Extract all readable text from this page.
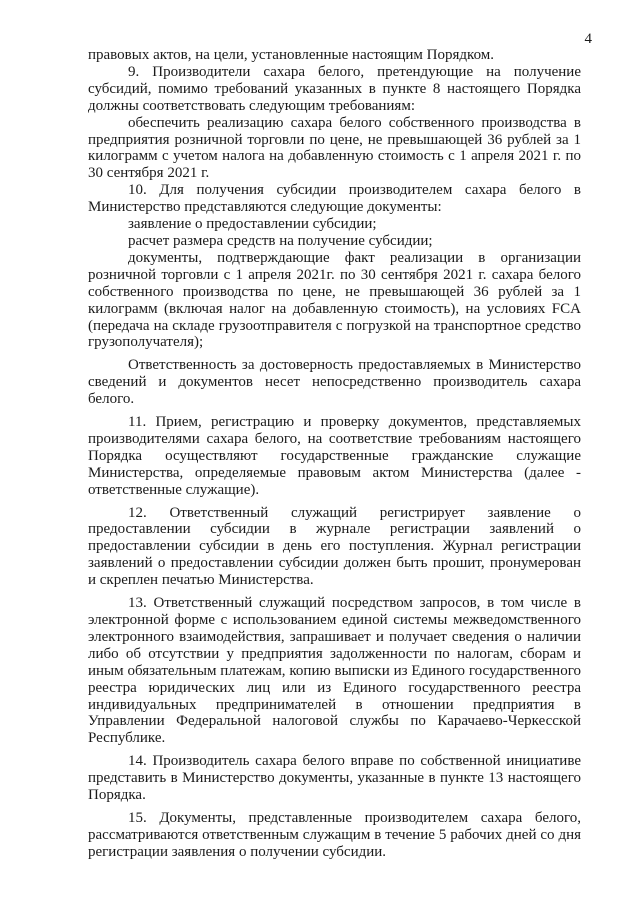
4

правовых актов, на цели, установленные настоящим Порядком.

9. Производители сахара белого, претендующие на получение субсидий, помимо требований указанных в пункте 8 настоящего Порядка должны соответствовать следующим требованиям:

обеспечить реализацию сахара белого собственного производства в предприятия розничной торговли по цене, не превышающей 36 рублей за 1 килограмм с учетом налога на добавленную стоимость с 1 апреля 2021 г. по 30 сентября 2021 г.

10. Для получения субсидии производителем сахара белого в Министерство представляются следующие документы:

заявление о предоставлении субсидии;

расчет размера средств на получение субсидии;

документы, подтверждающие факт реализации в организации розничной торговли с 1 апреля 2021г. по 30 сентября 2021 г. сахара белого собственного производства по цене, не превышающей 36 рублей за 1 килограмм (включая налог на добавленную стоимость), на условиях FCA (передача на складе грузоотправителя с погрузкой на транспортное средство грузополучателя);

Ответственность за достоверность предоставляемых в Министерство сведений и документов несет непосредственно производитель сахара белого.

11. Прием, регистрацию и проверку документов, представляемых производителями сахара белого, на соответствие требованиям настоящего Порядка осуществляют государственные гражданские служащие Министерства, определяемые правовым актом Министерства (далее - ответственные служащие).

12. Ответственный служащий регистрирует заявление о предоставлении субсидии в журнале регистрации заявлений о предоставлении субсидии в день его поступления. Журнал регистрации заявлений о предоставлении субсидии должен быть прошит, пронумерован и скреплен печатью Министерства.

13. Ответственный служащий посредством запросов, в том числе в электронной форме с использованием единой системы межведомственного электронного взаимодействия, запрашивает и получает сведения о наличии либо об отсутствии у предприятия задолженности по налогам, сборам и иным обязательным платежам, копию выписки из Единого государственного реестра юридических лиц или из Единого государственного реестра индивидуальных предпринимателей в отношении предприятия в Управлении Федеральной налоговой службы по Карачаево-Черкесской Республике.

14. Производитель сахара белого вправе по собственной инициативе представить в Министерство документы, указанные в пункте 13 настоящего Порядка.

15. Документы, представленные производителем сахара белого, рассматриваются ответственным служащим в течение 5 рабочих дней со дня регистрации заявления о получении субсидии.
